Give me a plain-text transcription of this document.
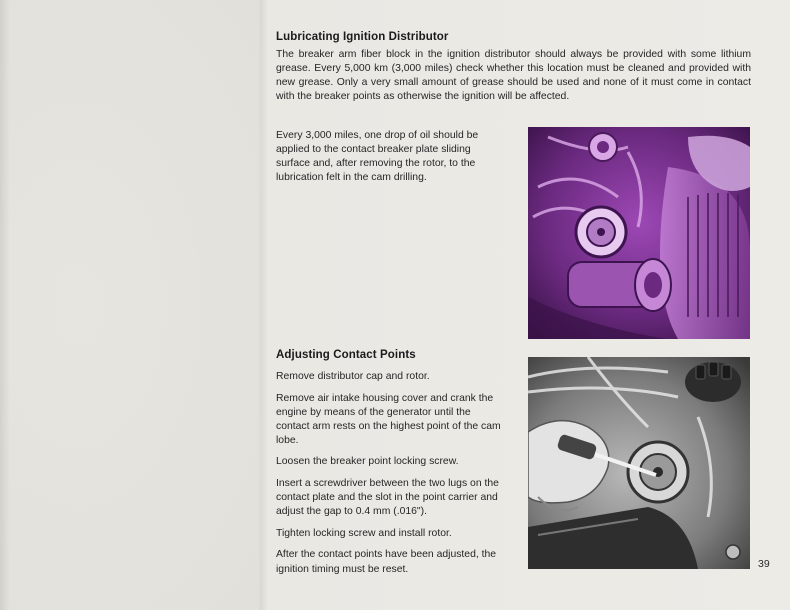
Lubricating Ignition Distributor

The breaker arm fiber block in the ignition distributor should always be provided with some lithium grease. Every 5,000 km (3,000 miles) check whether this location must be cleaned and provided with new grease. Only a very small amount of grease should be used and none of it must come in contact with the breaker points as otherwise the ignition will be affected.

Every 3,000 miles, one drop of oil should be applied to the contact breaker plate sliding surface and, after removing the rotor, to the lubrication felt in the cam drilling.

Adjusting Contact Points

Remove distributor cap and rotor.

Remove air intake housing cover and crank the engine by means of the generator until the contact arm rests on the highest point of the cam lobe.

Loosen the breaker point locking screw.

Insert a screwdriver between the two lugs on the contact plate and the slot in the point carrier and adjust the gap to 0.4 mm (.016").

Tighten locking screw and install rotor.

After the contact points have been adjusted, the ignition timing must be reset.	39
